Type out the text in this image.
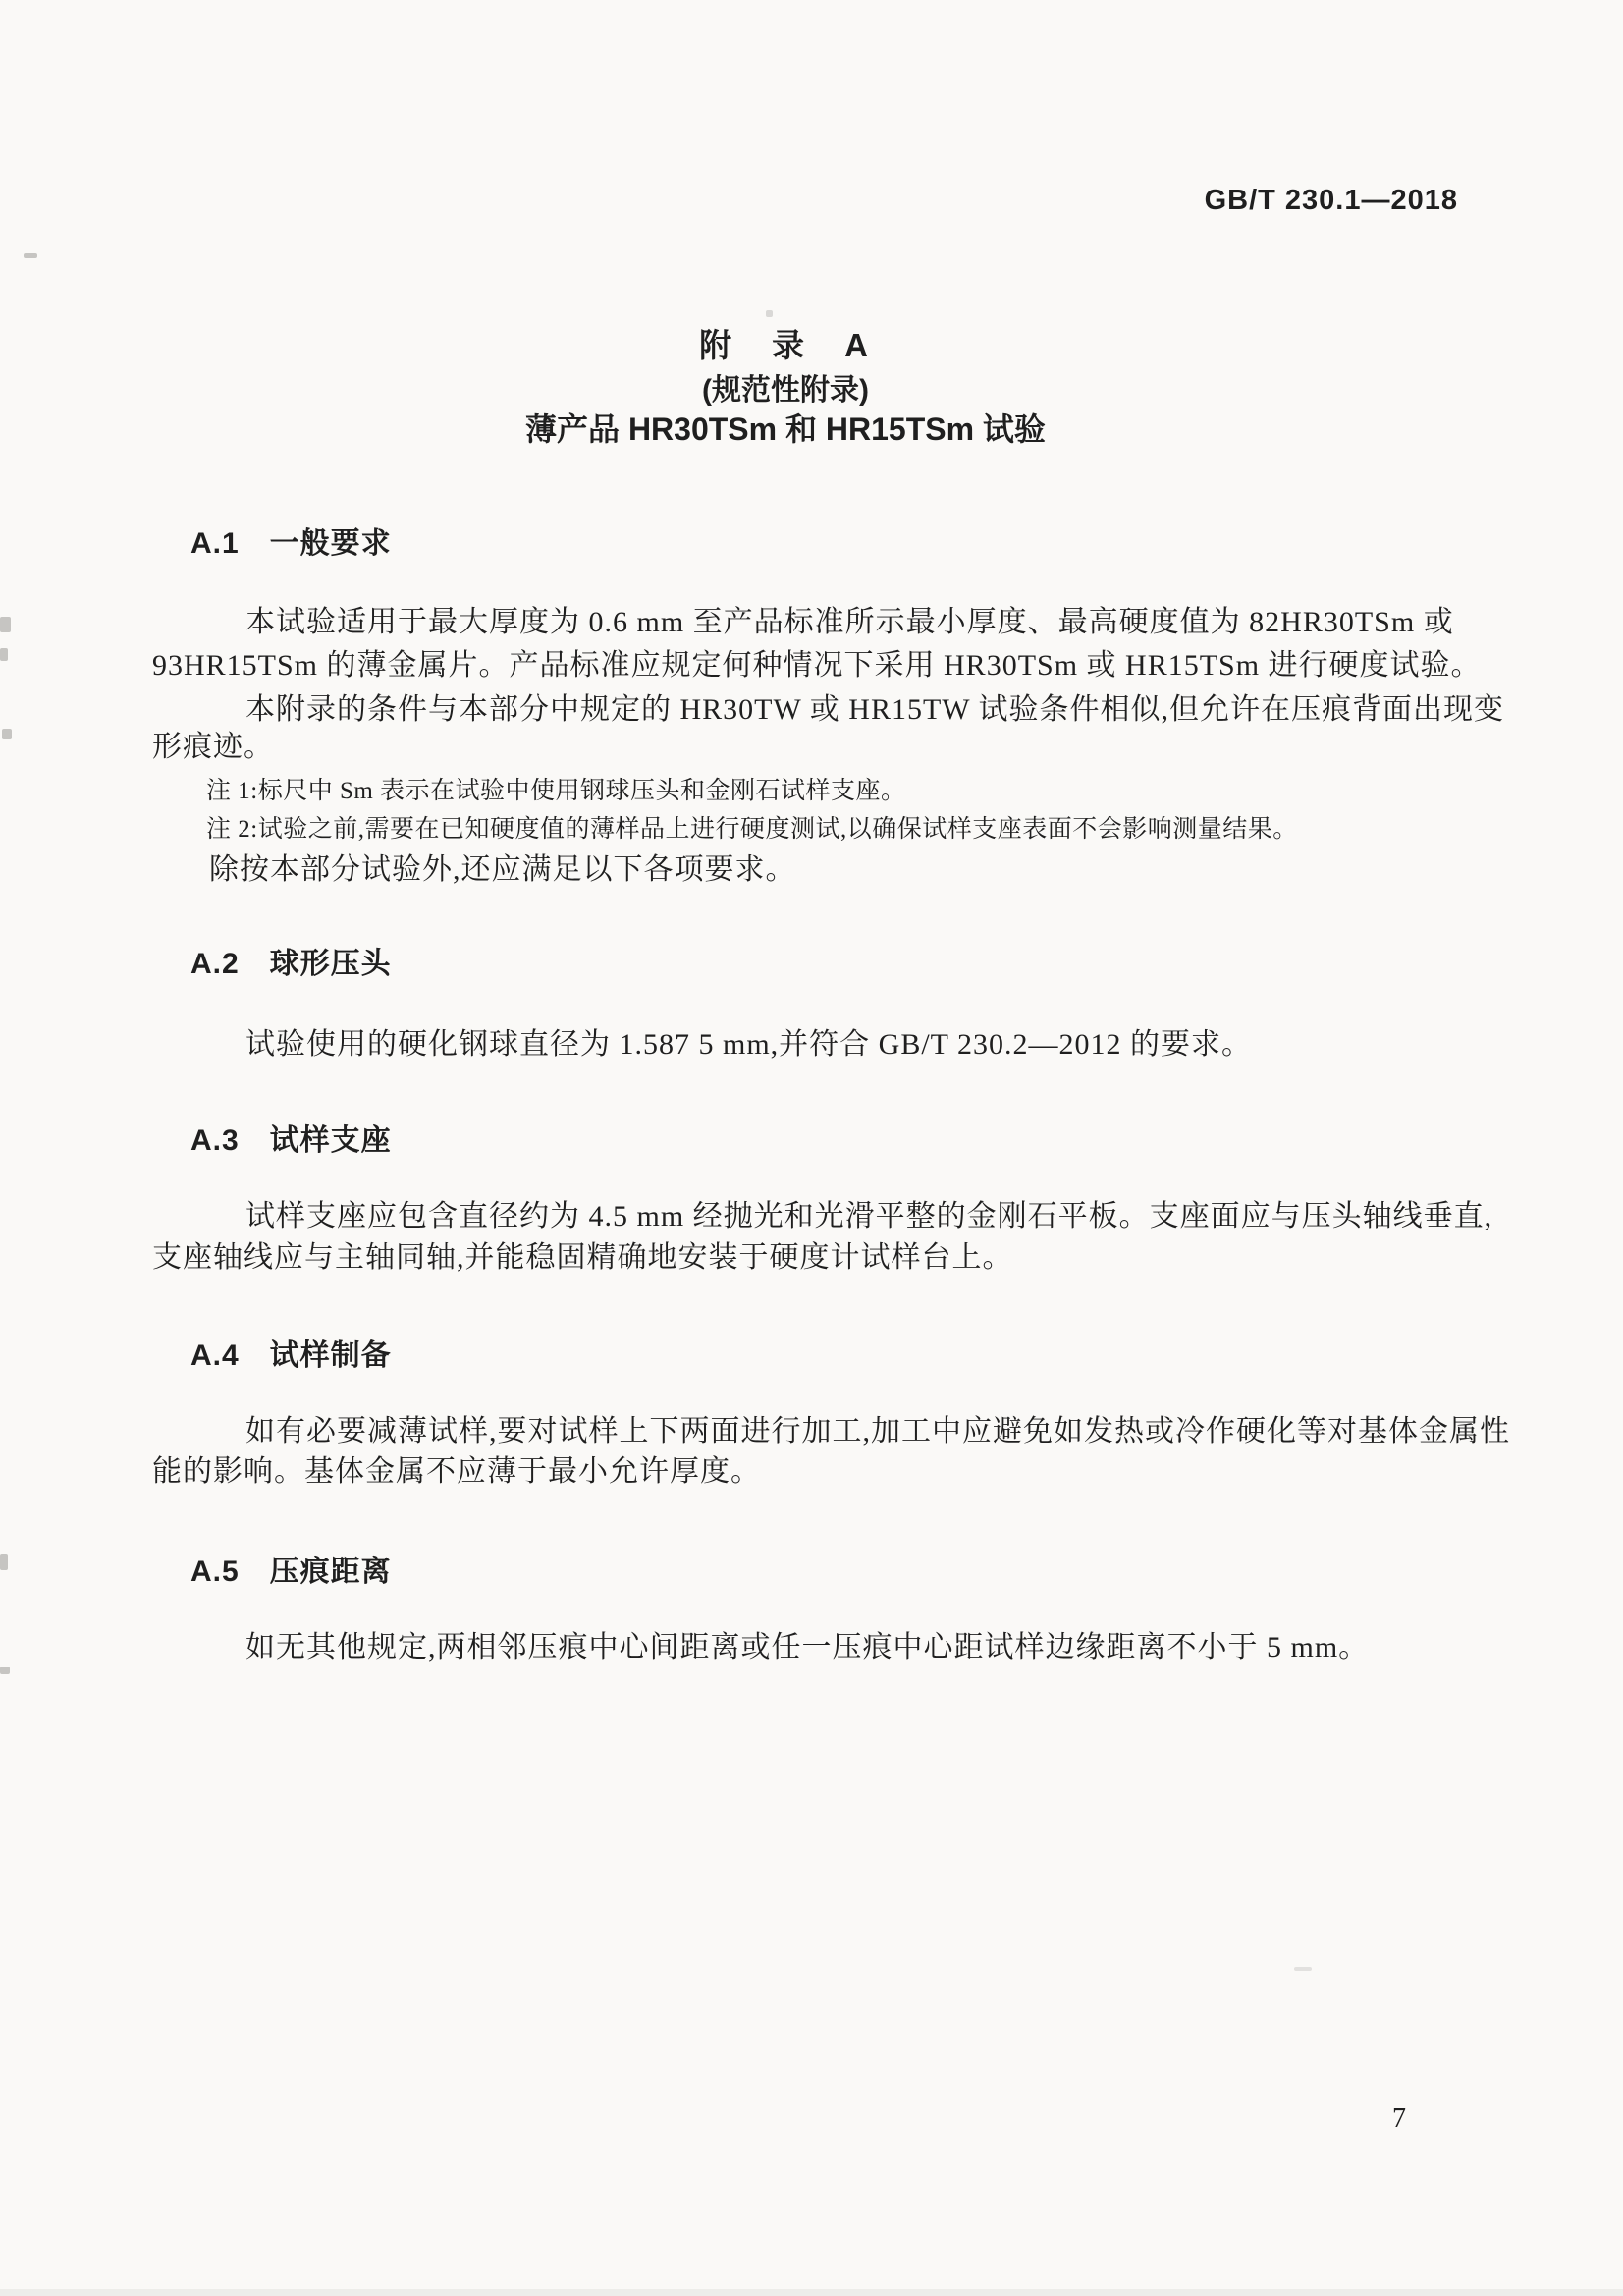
GB/T 230.1—2018
附　录　A
(规范性附录)
薄产品 HR30TSm 和 HR15TSm 试验
A.1　一般要求
本试验适用于最大厚度为 0.6 mm 至产品标准所示最小厚度、最高硬度值为 82HR30TSm 或
93HR15TSm 的薄金属片。产品标准应规定何种情况下采用 HR30TSm 或 HR15TSm 进行硬度试验。
本附录的条件与本部分中规定的 HR30TW 或 HR15TW 试验条件相似,但允许在压痕背面出现变
形痕迹。
注 1:标尺中 Sm 表示在试验中使用钢球压头和金刚石试样支座。
注 2:试验之前,需要在已知硬度值的薄样品上进行硬度测试,以确保试样支座表面不会影响测量结果。
除按本部分试验外,还应满足以下各项要求。
A.2　球形压头
试验使用的硬化钢球直径为 1.587 5 mm,并符合 GB/T 230.2—2012 的要求。
A.3　试样支座
试样支座应包含直径约为 4.5 mm 经抛光和光滑平整的金刚石平板。支座面应与压头轴线垂直,
支座轴线应与主轴同轴,并能稳固精确地安装于硬度计试样台上。
A.4　试样制备
如有必要减薄试样,要对试样上下两面进行加工,加工中应避免如发热或冷作硬化等对基体金属性
能的影响。基体金属不应薄于最小允许厚度。
A.5　压痕距离
如无其他规定,两相邻压痕中心间距离或任一压痕中心距试样边缘距离不小于 5 mm。
7
